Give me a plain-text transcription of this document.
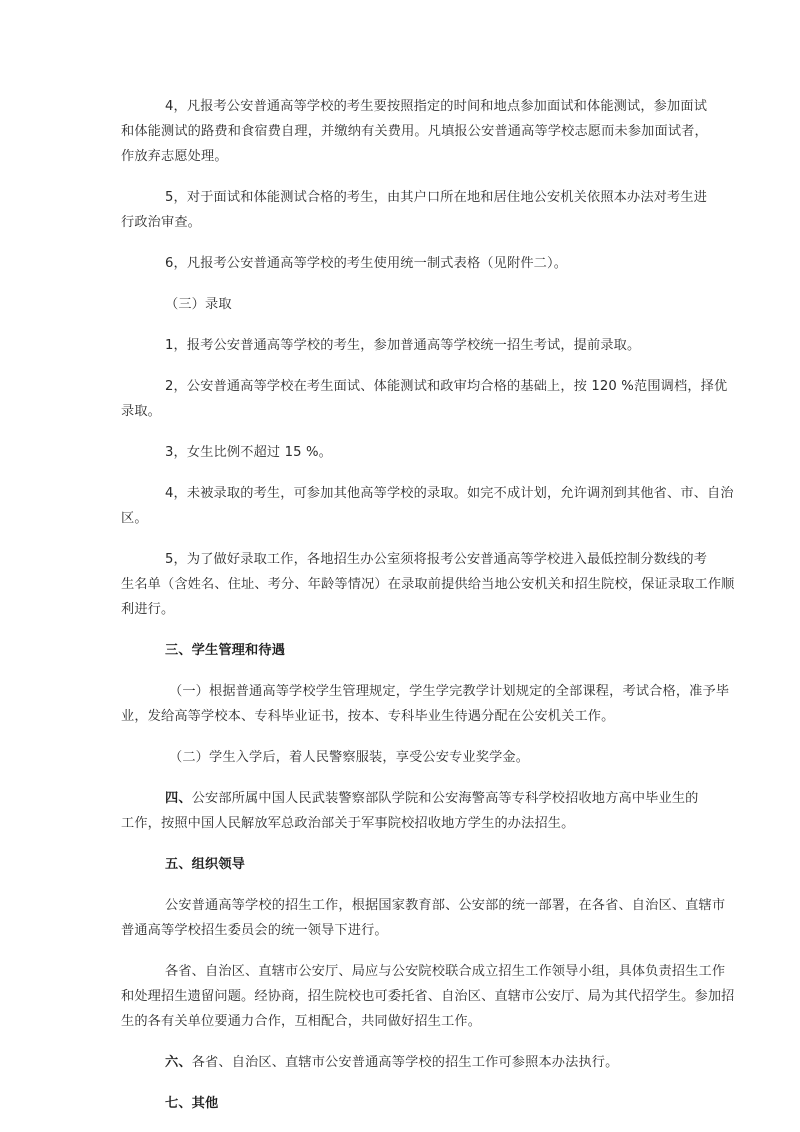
4，凡报考公安普通高等学校的考生要按照指定的时间和地点参加面试和体能测试，参加面试
和体能测试的路费和食宿费自理，并缴纳有关费用。凡填报公安普通高等学校志愿而未参加面试者，
作放弃志愿处理。

5，对于面试和体能测试合格的考生，由其户口所在地和居住地公安机关依照本办法对考生进
行政治审查。

6，凡报考公安普通高等学校的考生使用统一制式表格（见附件二）。

（三）录取

1，报考公安普通高等学校的考生，参加普通高等学校统一招生考试，提前录取。

2，公安普通高等学校在考生面试、体能测试和政审均合格的基础上，按 120 %范围调档，择优
录取。

3，女生比例不超过 15 %。

4，未被录取的考生，可参加其他高等学校的录取。如完不成计划，允许调剂到其他省、市、自治
区。

5，为了做好录取工作，各地招生办公室须将报考公安普通高等学校进入最低控制分数线的考
生名单（含姓名、住址、考分、年龄等情况）在录取前提供给当地公安机关和招生院校，保证录取工作顺
利进行。

三、学生管理和待遇

（一）根据普通高等学校学生管理规定，学生学完教学计划规定的全部课程，考试合格，准予毕
业，发给高等学校本、专科毕业证书，按本、专科毕业生待遇分配在公安机关工作。

（二）学生入学后，着人民警察服装，享受公安专业奖学金。

四、公安部所属中国人民武装警察部队学院和公安海警高等专科学校招收地方高中毕业生的
工作，按照中国人民解放军总政治部关于军事院校招收地方学生的办法招生。

五、组织领导

公安普通高等学校的招生工作，根据国家教育部、公安部的统一部署，在各省、自治区、直辖市
普通高等学校招生委员会的统一领导下进行。

各省、自治区、直辖市公安厅、局应与公安院校联合成立招生工作领导小组，具体负责招生工作
和处理招生遗留问题。经协商，招生院校也可委托省、自治区、直辖市公安厅、局为其代招学生。参加招
生的各有关单位要通力合作，互相配合，共同做好招生工作。

六、各省、自治区、直辖市公安普通高等学校的招生工作可参照本办法执行。

七、其他
